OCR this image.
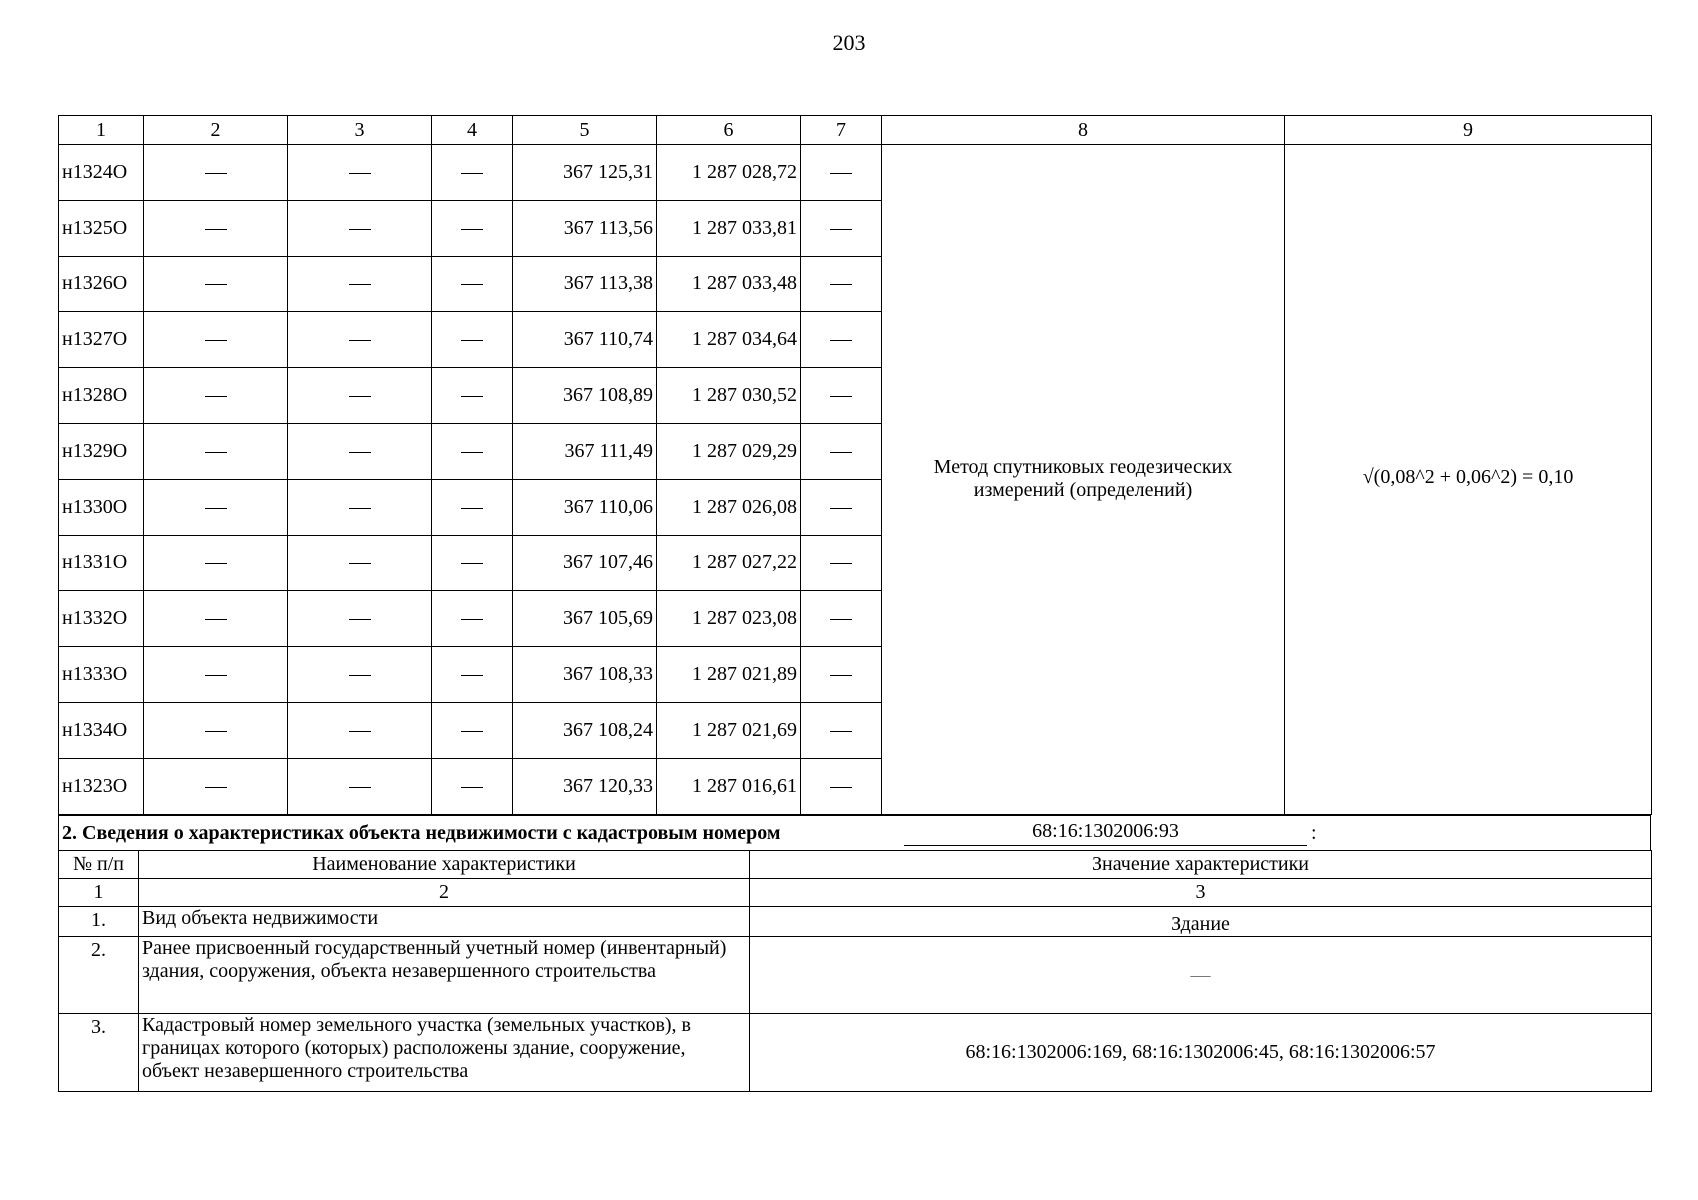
203
1	2	3	4	5	6	7	8	9
н1324О				367 125,31	1 287 028,72		Метод спутниковых геодезических измерений (определений)	√(0,08^2 + 0,06^2) = 0,10
н1325О				367 113,56	1 287 033,81			
н1326О				367 113,38	1 287 033,48			
н1327О				367 110,74	1 287 034,64			
н1328О				367 108,89	1 287 030,52			
н1329О				367 111,49	1 287 029,29			
н1330О				367 110,06	1 287 026,08			
н1331О				367 107,46	1 287 027,22			
н1332О				367 105,69	1 287 023,08			
н1333О				367 108,33	1 287 021,89			
н1334О				367 108,24	1 287 021,69			
н1323О				367 120,33	1 287 016,61			
2. Сведения о характеристиках объекта недвижимости с кадастровым номером	68:16:1302006:93	:
№ п/п	Наименование характеристики	Значение характеристики
1	2	3
1.	Вид объекта недвижимости	Здание
2.	Ранее присвоенный государственный учетный номер (инвентарный) здания, сооружения, объекта незавершенного строительства	—
3.	Кадастровый номер земельного участка (земельных участков), в границах которого (которых) расположены здание, сооружение, объект незавершенного строительства	68:16:1302006:169, 68:16:1302006:45, 68:16:1302006:57
